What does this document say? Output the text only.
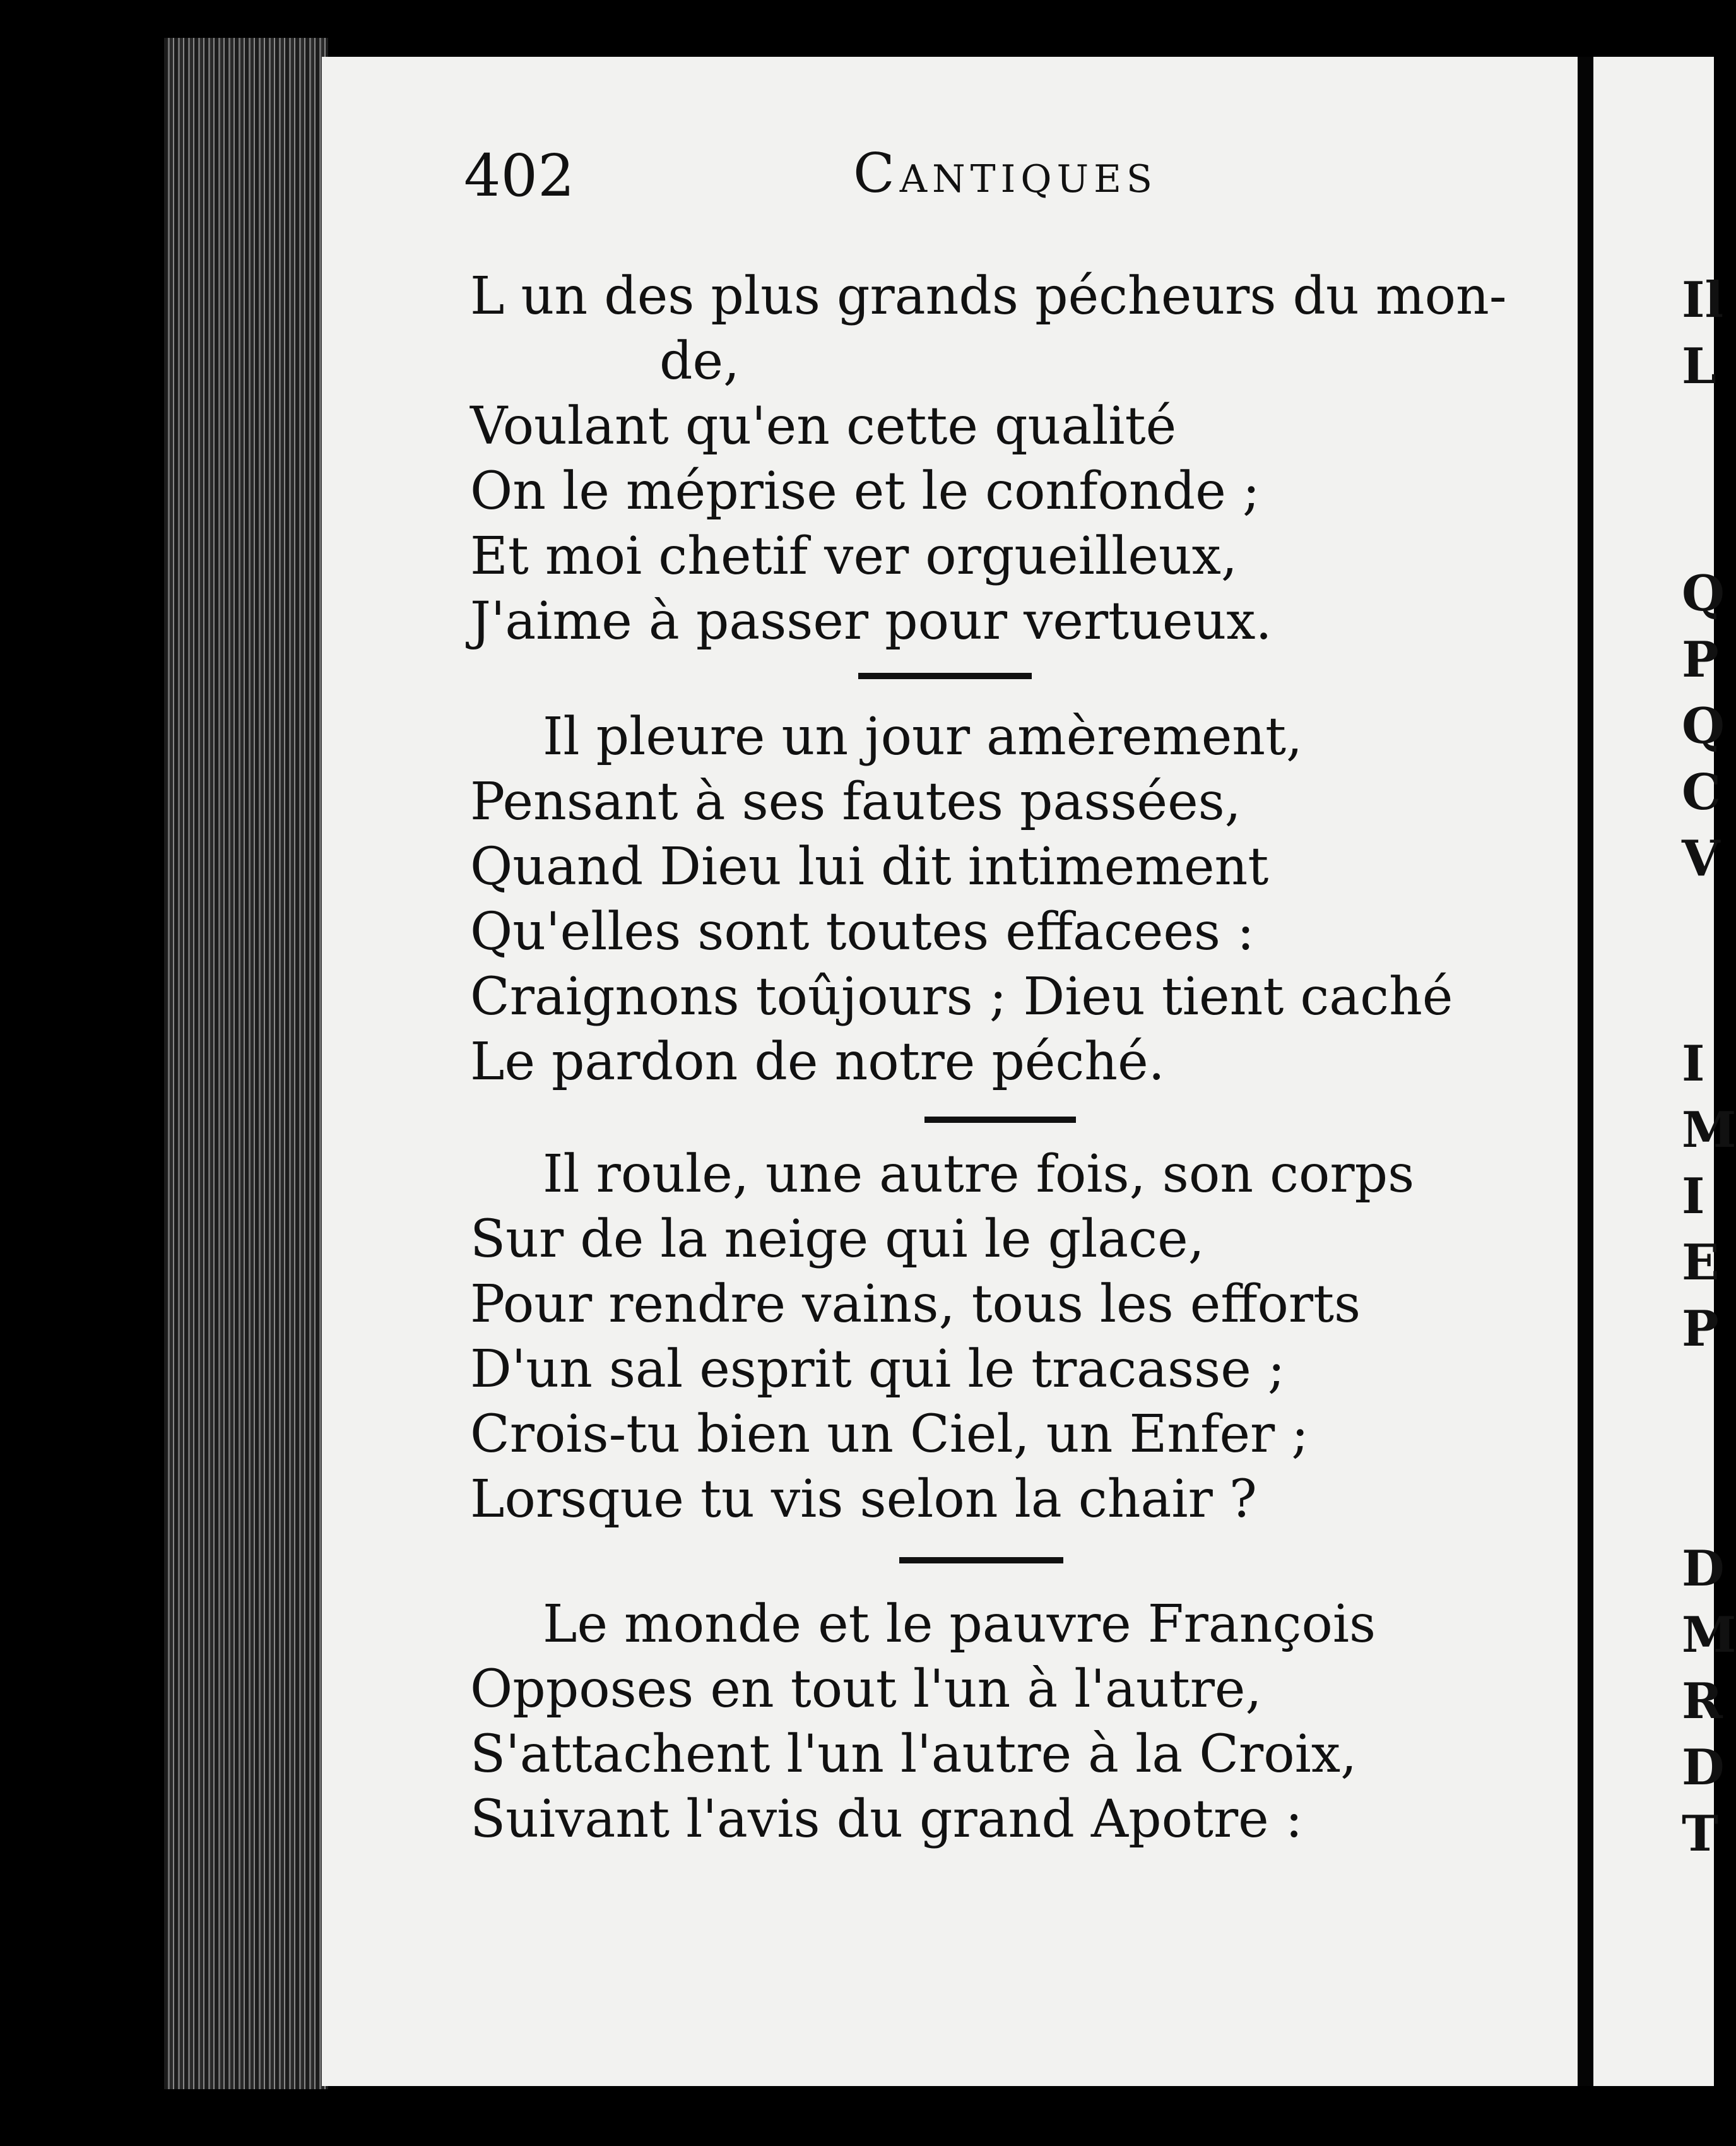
402	Cantiques
L un des plus grands pécheurs du mon-
de,
Voulant qu'en cette qualité
On le méprise et le confonde ;
Et moi chetif ver orgueilleux,
J'aime à passer pour vertueux.
Il pleure un jour amèrement,
Pensant à ses fautes passées,
Quand Dieu lui dit intimement
Qu'elles sont toutes effacees :
Craignons toûjours ; Dieu tient caché
Le pardon de notre péché.
Il roule, une autre fois, son corps
Sur de la neige qui le glace,
Pour rendre vains, tous les efforts
D'un sal esprit qui le tracasse ;
Crois-tu bien un Ciel, un Enfer ;
Lorsque tu vis selon la chair ?
Le monde et le pauvre François
Opposes en tout l'un à l'autre,
S'attachent l'un l'autre à la Croix,
Suivant l'avis du grand Apotre :
Il
L
Q
P
Q
C
V
I
M
I
E
P
D
M
R
D
T
